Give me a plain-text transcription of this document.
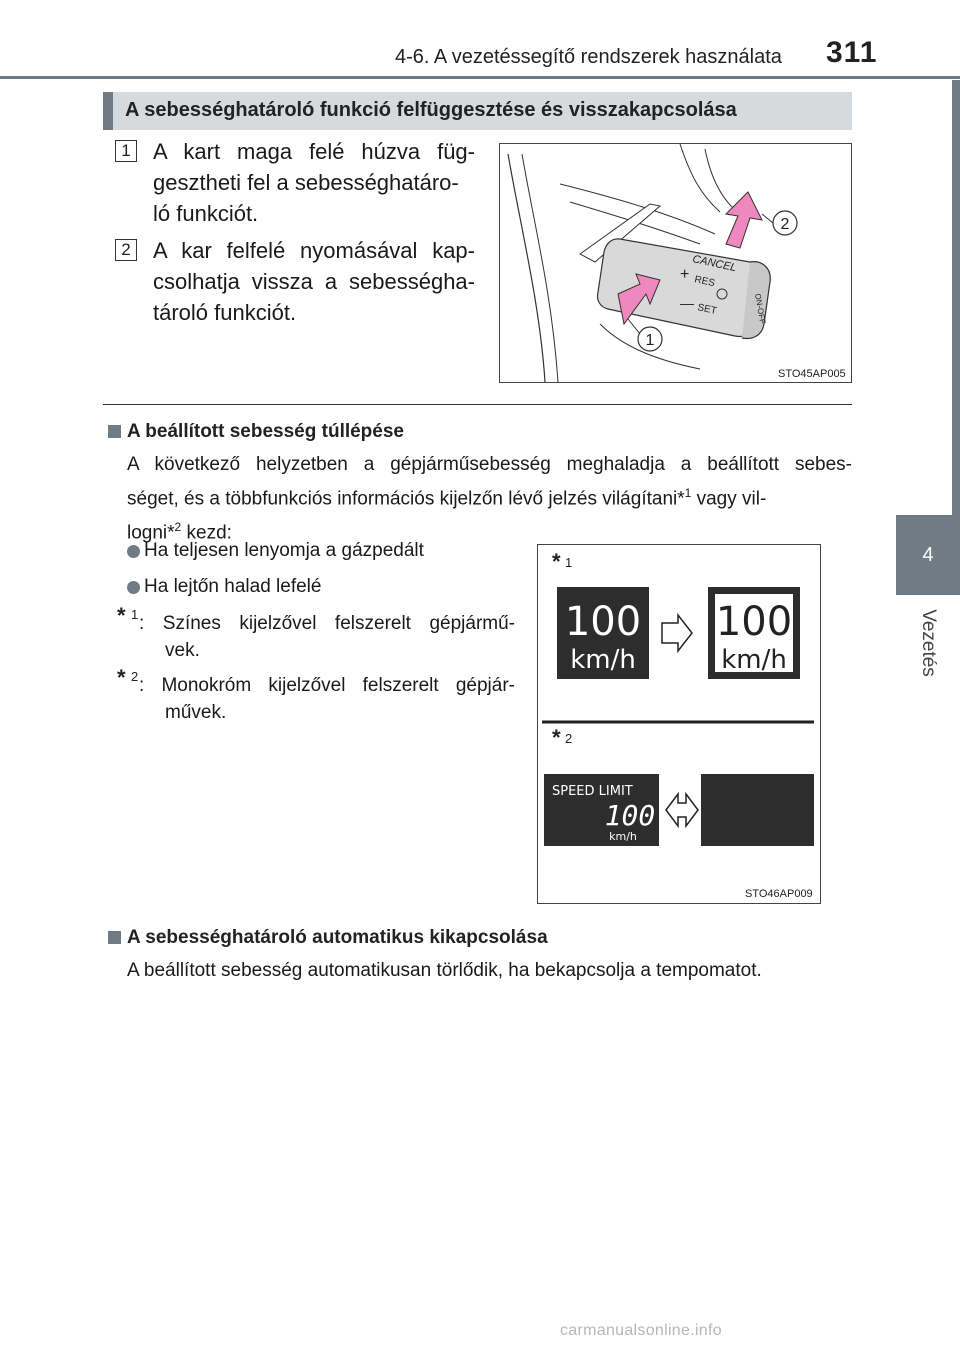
4-6. A vezetéssegítő rendszerek használata 311
4
Vezetés
A sebességhatároló funkció felfüggesztése és visszakapcsolása
1 A kart maga felé húzva füg-
gesztheti fel a sebességhatáro-
ló funkciót.
2 A kar felfelé nyomásával kap-
csolhatja vissza a sebességha-
tároló funkciót.
CANCEL
+ RES
— SET	ON-OFF
2
1
STO45AP005
A beállított sebesség túllépése
A következő helyzetben a gépjárműsebesség meghaladja a beállított sebes-
séget, és a többfunkciós információs kijelzőn lévő jelzés világítani*$^1$ vagy vil-
logni*$^2$ kezd:
Ha teljesen lenyomja a gázpedált
Ha lejtőn halad lefelé
* 1 : Színes kijelzővel felszerelt gépjármű-
vek.
* 2 : Monokróm kijelzővel felszerelt gépjár-
művek.
* 1
100
km/h
100
km/h
* 2
SPEED LIMIT
100
km/h
STO46AP009
A sebességhatároló automatikus kikapcsolása
A beállított sebesség automatikusan törlődik, ha bekapcsolja a tempomatot.
carmanualsonline.info
